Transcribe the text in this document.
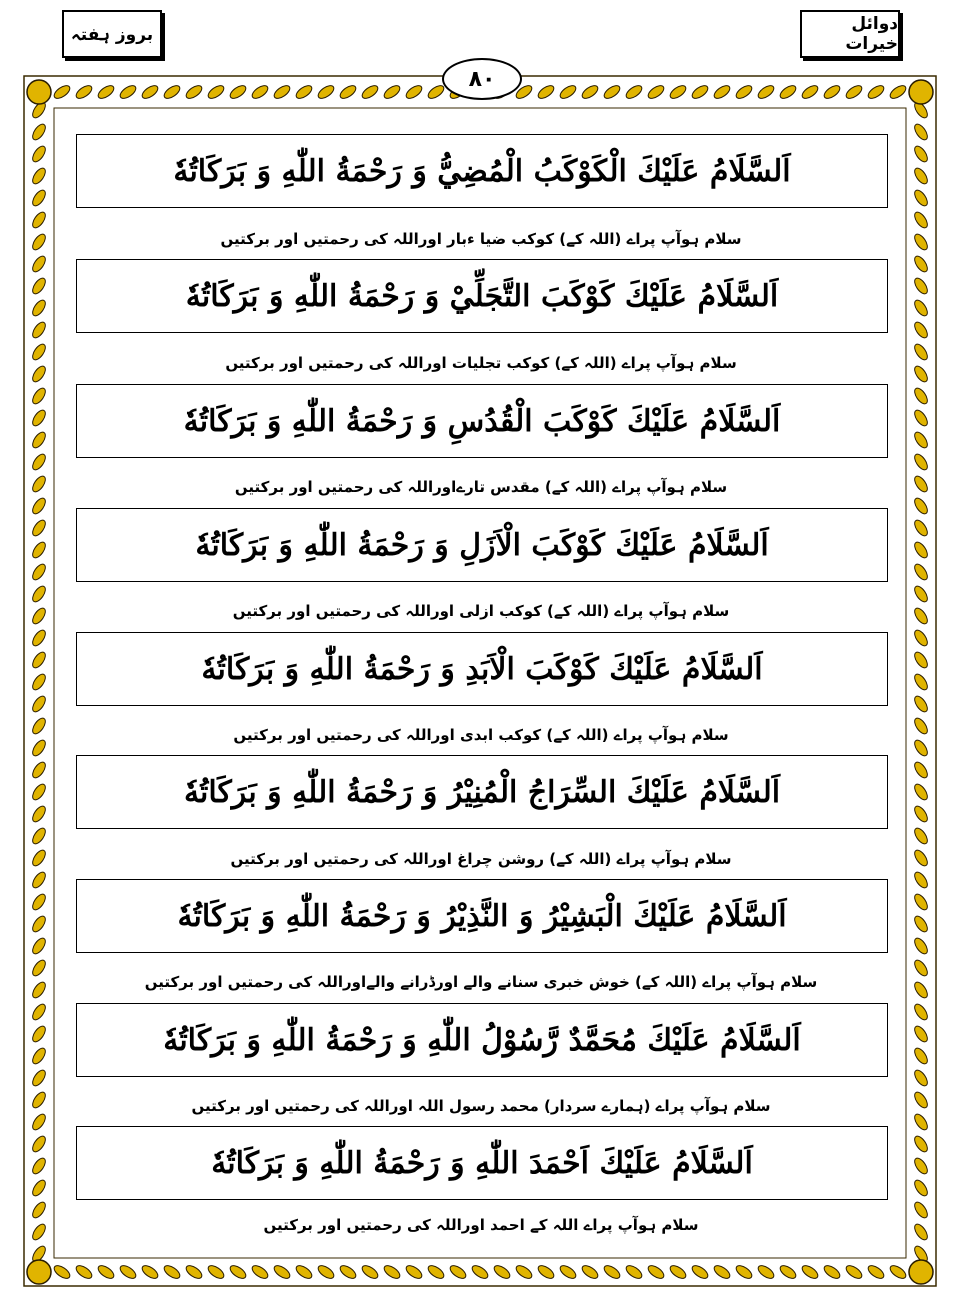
بروز ہفتہ
دوائل خیرات
۸۰
اَلسَّلَامُ عَلَيْكَ الْكَوْكَبُ الْمُضِيُّ وَ رَحْمَةُ اللّٰهِ وَ بَرَكَاتُهٗ
سلام ہوآپ پراے (اللہ کے) کوکب ضیا ءبار اوراللہ کی رحمتیں اور برکتیں
اَلسَّلَامُ عَلَيْكَ كَوْكَبَ التَّجَلِّيْ وَ رَحْمَةُ اللّٰهِ وَ بَرَكَاتُهٗ
سلام ہوآپ پراے (اللہ کے) کوکب تجلیات اوراللہ کی رحمتیں اور برکتیں
اَلسَّلَامُ عَلَيْكَ كَوْكَبَ الْقُدُسِ وَ رَحْمَةُ اللّٰهِ وَ بَرَكَاتُهٗ
سلام ہوآپ پراے (اللہ کے) مقدس تارےاوراللہ کی رحمتیں اور برکتیں
اَلسَّلَامُ عَلَيْكَ كَوْكَبَ الْاَزَلِ وَ رَحْمَةُ اللّٰهِ وَ بَرَكَاتُهٗ
سلام ہوآپ پراے (اللہ کے) کوکب ازلی اوراللہ کی رحمتیں اور برکتیں
اَلسَّلَامُ عَلَيْكَ كَوْكَبَ الْاَبَدِ وَ رَحْمَةُ اللّٰهِ وَ بَرَكَاتُهٗ
سلام ہوآپ پراے (اللہ کے) کوکب ابدی اوراللہ کی رحمتیں اور برکتیں
اَلسَّلَامُ عَلَيْكَ السِّرَاجُ الْمُنِيْرُ وَ رَحْمَةُ اللّٰهِ وَ بَرَكَاتُهٗ
سلام ہوآپ پراے (اللہ کے) روشن چراغ اوراللہ کی رحمتیں اور برکتیں
اَلسَّلَامُ عَلَيْكَ الْبَشِيْرُ وَ النَّذِيْرُ وَ رَحْمَةُ اللّٰهِ وَ بَرَكَاتُهٗ
سلام ہوآپ پراے (اللہ کے) خوش خبری سنانے والے اورڈرانے والےاوراللہ کی رحمتیں اور برکتیں
اَلسَّلَامُ عَلَيْكَ مُحَمَّدٌ رَّسُوْلُ اللّٰهِ وَ رَحْمَةُ اللّٰهِ وَ بَرَكَاتُهٗ
سلام ہوآپ پراے (ہمارے سردار) محمد رسول اللہ اوراللہ کی رحمتیں اور برکتیں
اَلسَّلَامُ عَلَيْكَ اَحْمَدَ اللّٰهِ وَ رَحْمَةُ اللّٰهِ وَ بَرَكَاتُهٗ
سلام ہوآپ پراے اللہ کے احمد اوراللہ کی رحمتیں اور برکتیں
